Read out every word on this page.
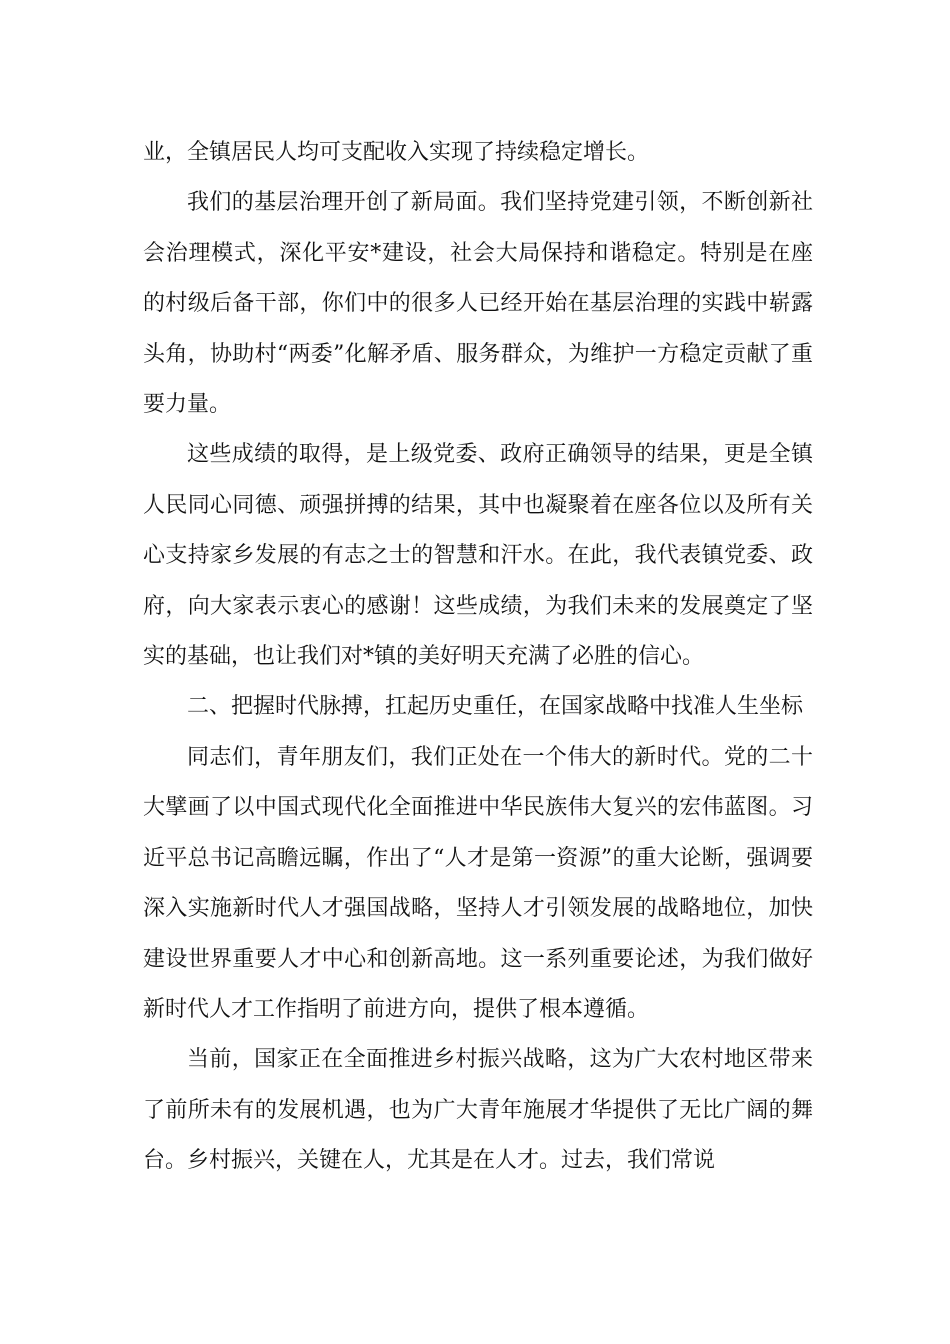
业，全镇居民人均可支配收入实现了持续稳定增长。

我们的基层治理开创了新局面。我们坚持党建引领，不断创新社会治理模式，深化平安*建设，社会大局保持和谐稳定。特别是在座的村级后备干部，你们中的很多人已经开始在基层治理的实践中崭露头角，协助村“两委”化解矛盾、服务群众，为维护一方稳定贡献了重要力量。

这些成绩的取得，是上级党委、政府正确领导的结果，更是全镇人民同心同德、顽强拼搏的结果，其中也凝聚着在座各位以及所有关心支持家乡发展的有志之士的智慧和汗水。在此，我代表镇党委、政府，向大家表示衷心的感谢！这些成绩，为我们未来的发展奠定了坚实的基础，也让我们对*镇的美好明天充满了必胜的信心。

二、把握时代脉搏，扛起历史重任，在国家战略中找准人生坐标

同志们，青年朋友们，我们正处在一个伟大的新时代。党的二十大擘画了以中国式现代化全面推进中华民族伟大复兴的宏伟蓝图。习近平总书记高瞻远瞩，作出了“人才是第一资源”的重大论断，强调要深入实施新时代人才强国战略，坚持人才引领发展的战略地位，加快建设世界重要人才中心和创新高地。这一系列重要论述，为我们做好新时代人才工作指明了前进方向，提供了根本遵循。

当前，国家正在全面推进乡村振兴战略，这为广大农村地区带来了前所未有的发展机遇，也为广大青年施展才华提供了无比广阔的舞台。乡村振兴，关键在人，尤其是在人才。过去，我们常说
